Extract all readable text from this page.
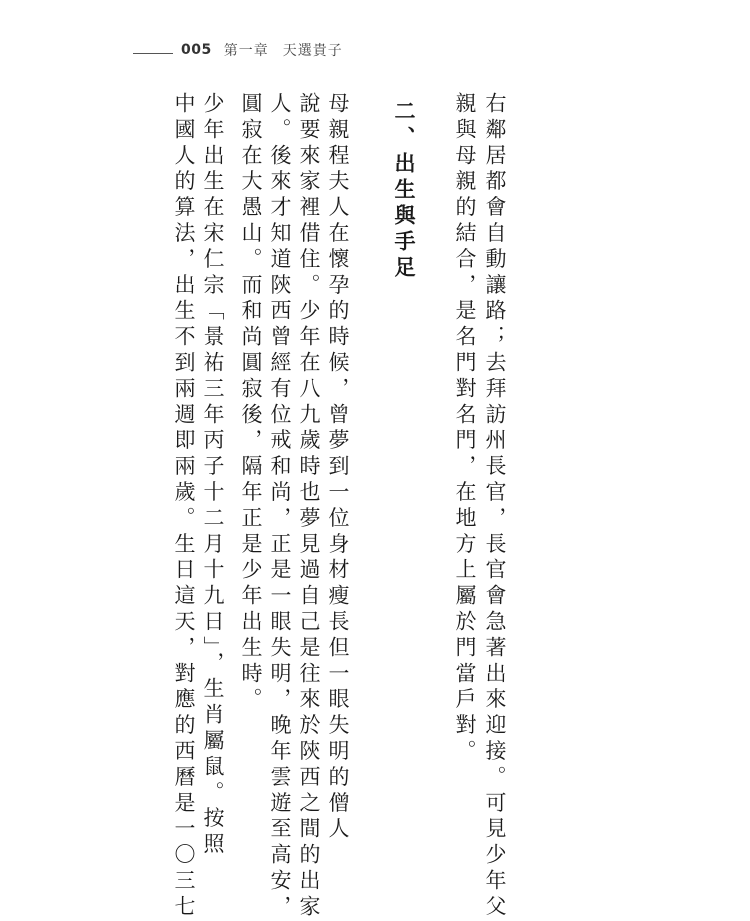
005 第一章 天選貴子
右鄰居都會自動讓路；去拜訪州長官，長官會急著出來迎接。可見少年父
親與母親的結合，是名門對名門，在地方上屬於門當戶對。
二、出生與手足
母親程夫人在懷孕的時候，曾夢到一位身材瘦長但一眼失明的僧人
說要來家裡借住。少年在八九歲時也夢見過自己是往來於陝西之間的出家
人。後來才知道陝西曾經有位戒和尚，正是一眼失明，晚年雲遊至高安，
圓寂在大愚山。而和尚圓寂後，隔年正是少年出生時。
少年出生在宋仁宗「景祐三年丙子十二月十九日」，生肖屬鼠。按照
中國人的算法，出生不到兩週即兩歲。生日這天，對應的西曆是一〇三七
